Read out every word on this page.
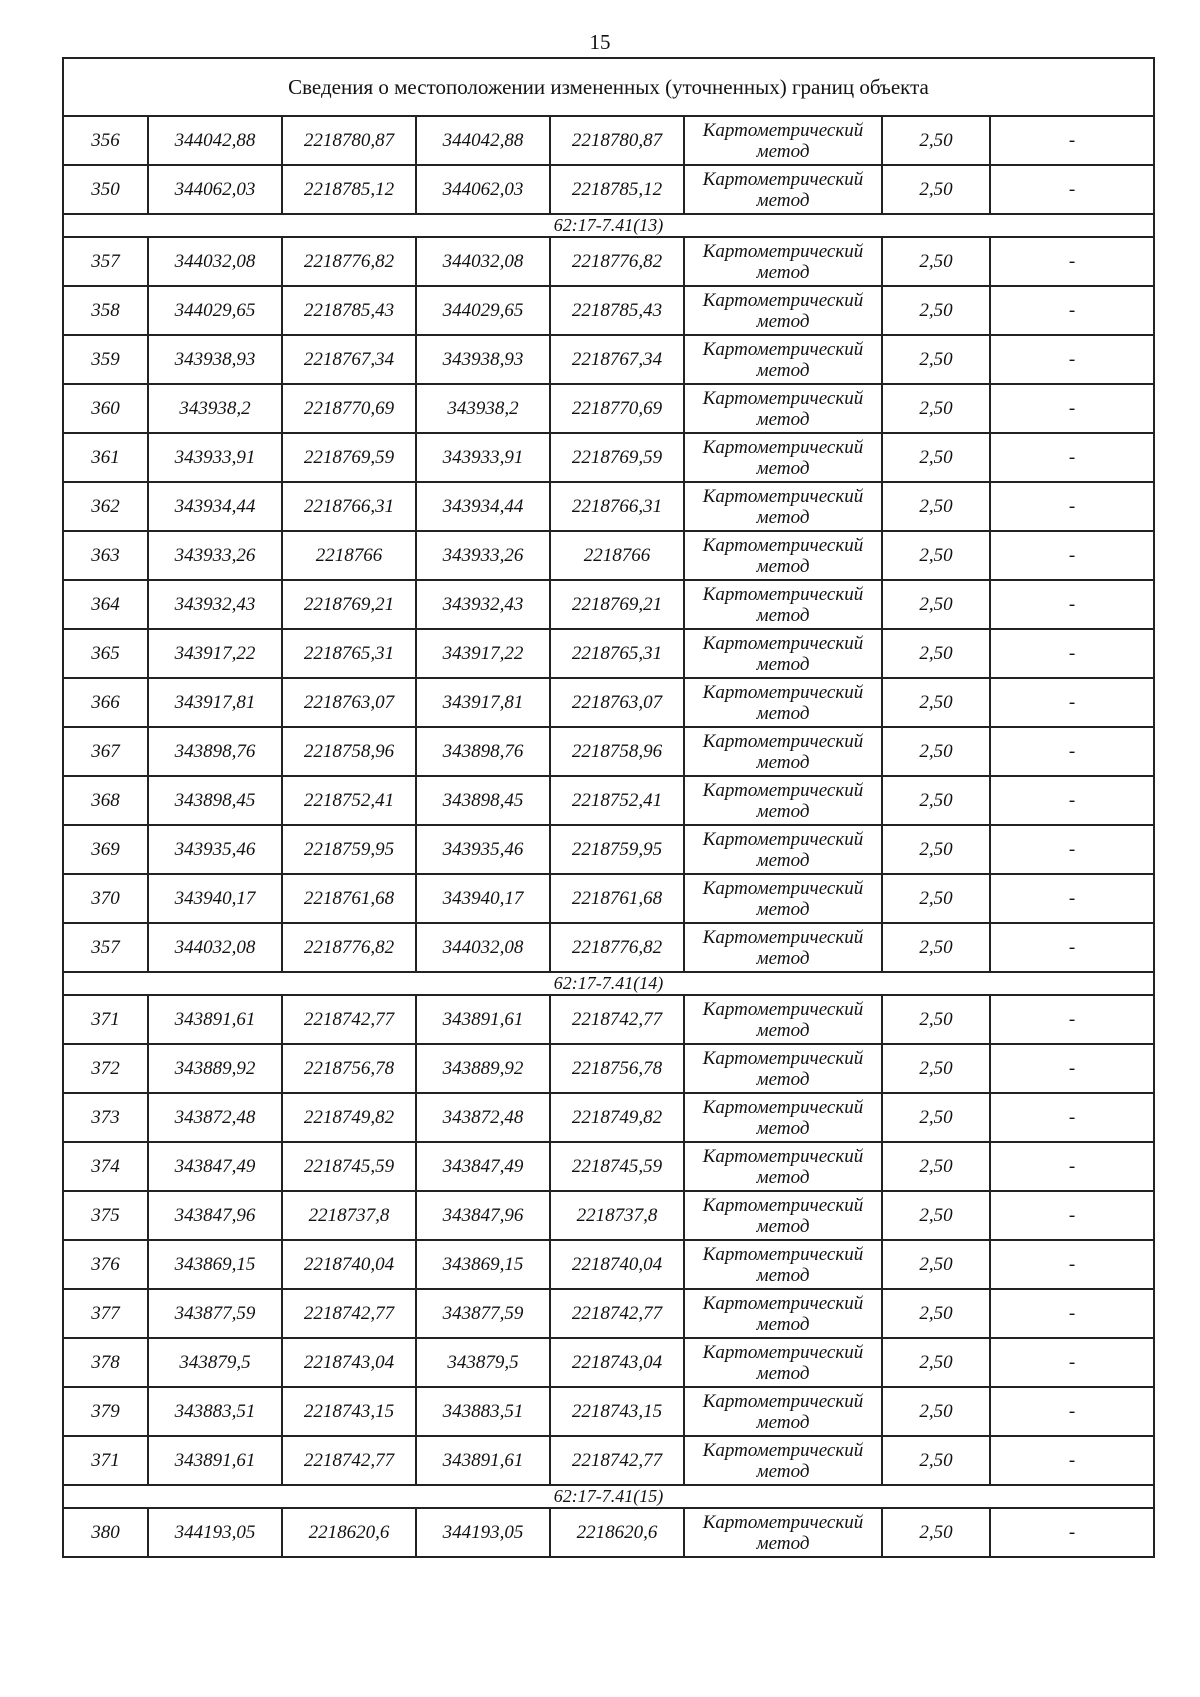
15
Сведения о местоположении измененных (уточненных) границ объекта							
356	344042,88	2218780,87	344042,88	2218780,87	Картометрический метод	2,50	-
350	344062,03	2218785,12	344062,03	2218785,12	Картометрический метод	2,50	-
62:17-7.41(13)							
357	344032,08	2218776,82	344032,08	2218776,82	Картометрический метод	2,50	-
358	344029,65	2218785,43	344029,65	2218785,43	Картометрический метод	2,50	-
359	343938,93	2218767,34	343938,93	2218767,34	Картометрический метод	2,50	-
360	343938,2	2218770,69	343938,2	2218770,69	Картометрический метод	2,50	-
361	343933,91	2218769,59	343933,91	2218769,59	Картометрический метод	2,50	-
362	343934,44	2218766,31	343934,44	2218766,31	Картометрический метод	2,50	-
363	343933,26	2218766	343933,26	2218766	Картометрический метод	2,50	-
364	343932,43	2218769,21	343932,43	2218769,21	Картометрический метод	2,50	-
365	343917,22	2218765,31	343917,22	2218765,31	Картометрический метод	2,50	-
366	343917,81	2218763,07	343917,81	2218763,07	Картометрический метод	2,50	-
367	343898,76	2218758,96	343898,76	2218758,96	Картометрический метод	2,50	-
368	343898,45	2218752,41	343898,45	2218752,41	Картометрический метод	2,50	-
369	343935,46	2218759,95	343935,46	2218759,95	Картометрический метод	2,50	-
370	343940,17	2218761,68	343940,17	2218761,68	Картометрический метод	2,50	-
357	344032,08	2218776,82	344032,08	2218776,82	Картометрический метод	2,50	-
62:17-7.41(14)							
371	343891,61	2218742,77	343891,61	2218742,77	Картометрический метод	2,50	-
372	343889,92	2218756,78	343889,92	2218756,78	Картометрический метод	2,50	-
373	343872,48	2218749,82	343872,48	2218749,82	Картометрический метод	2,50	-
374	343847,49	2218745,59	343847,49	2218745,59	Картометрический метод	2,50	-
375	343847,96	2218737,8	343847,96	2218737,8	Картометрический метод	2,50	-
376	343869,15	2218740,04	343869,15	2218740,04	Картометрический метод	2,50	-
377	343877,59	2218742,77	343877,59	2218742,77	Картометрический метод	2,50	-
378	343879,5	2218743,04	343879,5	2218743,04	Картометрический метод	2,50	-
379	343883,51	2218743,15	343883,51	2218743,15	Картометрический метод	2,50	-
371	343891,61	2218742,77	343891,61	2218742,77	Картометрический метод	2,50	-
62:17-7.41(15)							
380	344193,05	2218620,6	344193,05	2218620,6	Картометрический метод	2,50	-
